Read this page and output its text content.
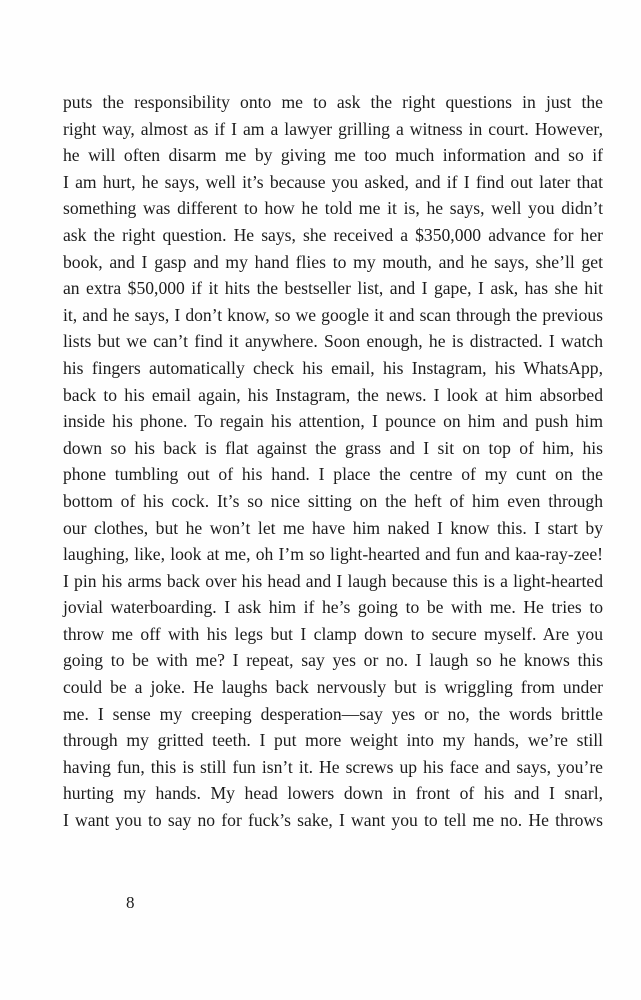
puts the responsibility onto me to ask the right questions in just the
right way, almost as if I am a lawyer grilling a witness in court. However,
he will often disarm me by giving me too much information and so if
I am hurt, he says, well it’s because you asked, and if I find out later that
something was different to how he told me it is, he says, well you didn’t
ask the right question. He says, she received a $350,000 advance for her
book, and I gasp and my hand flies to my mouth, and he says, she’ll get
an extra $50,000 if it hits the bestseller list, and I gape, I ask, has she hit
it, and he says, I don’t know, so we google it and scan through the previous
lists but we can’t find it anywhere. Soon enough, he is distracted. I watch
his fingers automatically check his email, his Instagram, his WhatsApp,
back to his email again, his Instagram, the news. I look at him absorbed
inside his phone. To regain his attention, I pounce on him and push him
down so his back is flat against the grass and I sit on top of him, his
phone tumbling out of his hand. I place the centre of my cunt on the
bottom of his cock. It’s so nice sitting on the heft of him even through
our clothes, but he won’t let me have him naked I know this. I start by
laughing, like, look at me, oh I’m so light-hearted and fun and kaa-ray-zee!
I pin his arms back over his head and I laugh because this is a light-hearted
jovial waterboarding. I ask him if he’s going to be with me. He tries to
throw me off with his legs but I clamp down to secure myself. Are you
going to be with me? I repeat, say yes or no. I laugh so he knows this
could be a joke. He laughs back nervously but is wriggling from under
me. I sense my creeping desperation—say yes or no, the words brittle
through my gritted teeth. I put more weight into my hands, we’re still
having fun, this is still fun isn’t it. He screws up his face and says, you’re
hurting my hands. My head lowers down in front of his and I snarl,
I want you to say no for fuck’s sake, I want you to tell me no. He throws
8
